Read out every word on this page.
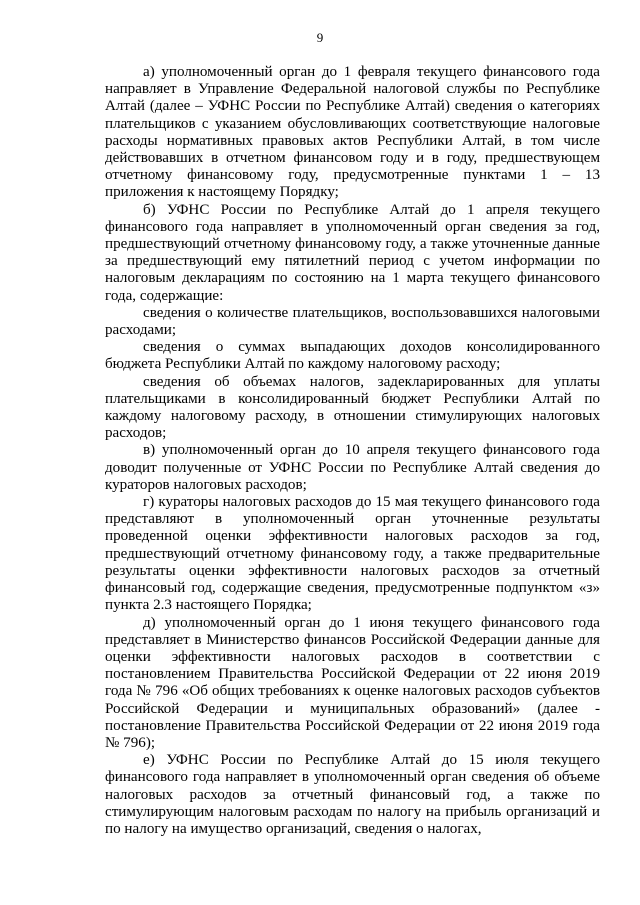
9

а) уполномоченный орган до 1 февраля текущего финансового года направляет в Управление Федеральной налоговой службы по Республике Алтай (далее – УФНС России по Республике Алтай) сведения о категориях плательщиков с указанием обусловливающих соответствующие налоговые расходы нормативных правовых актов Республики Алтай, в том числе действовавших в отчетном финансовом году и в году, предшествующем отчетному финансовому году, предусмотренные пунктами 1 – 13 приложения к настоящему Порядку;

б) УФНС России по Республике Алтай до 1 апреля текущего финансового года направляет в уполномоченный орган сведения за год, предшествующий отчетному финансовому году, а также уточненные данные за предшествующий ему пятилетний период с учетом информации по налоговым декларациям по состоянию на 1 марта текущего финансового года, содержащие:

сведения о количестве плательщиков, воспользовавшихся налоговыми расходами;

сведения о суммах выпадающих доходов консолидированного бюджета Республики Алтай по каждому налоговому расходу;

сведения об объемах налогов, задекларированных для уплаты плательщиками в консолидированный бюджет Республики Алтай по каждому налоговому расходу, в отношении стимулирующих налоговых расходов;

в) уполномоченный орган до 10 апреля текущего финансового года доводит полученные от УФНС России по Республике Алтай сведения до кураторов налоговых расходов;

г) кураторы налоговых расходов до 15 мая текущего финансового года представляют в уполномоченный орган уточненные результаты проведенной оценки эффективности налоговых расходов за год, предшествующий отчетному финансовому году, а также предварительные результаты оценки эффективности налоговых расходов за отчетный финансовый год, содержащие сведения, предусмотренные подпунктом «з» пункта 2.3 настоящего Порядка;

д) уполномоченный орган до 1 июня текущего финансового года представляет в Министерство финансов Российской Федерации данные для оценки эффективности налоговых расходов в соответствии с постановлением Правительства Российской Федерации от 22 июня 2019 года № 796 «Об общих требованиях к оценке налоговых расходов субъектов Российской Федерации и муниципальных образований» (далее - постановление Правительства Российской Федерации от 22 июня 2019 года № 796);

е) УФНС России по Республике Алтай до 15 июля текущего финансового года направляет в уполномоченный орган сведения об объеме налоговых расходов за отчетный финансовый год, а также по стимулирующим налоговым расходам по налогу на прибыль организаций и по налогу на имущество организаций, сведения о налогах,
